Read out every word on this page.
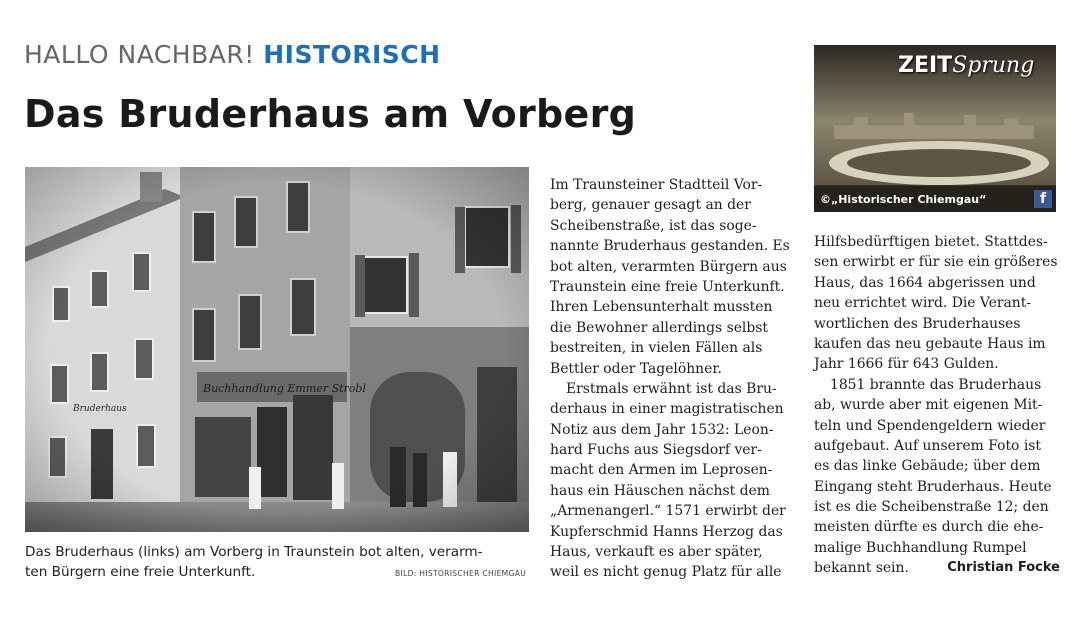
HALLO NACHBAR! HISTORISCH
Das Bruderhaus am Vorberg
Buchhandlung Emmer Strobl
Bruderhaus
Das Bruderhaus (links) am Vorberg in Traunstein bot alten, verarm-
ten Bürgern eine freie Unterkunft.	BILD: HISTORISCHER CHIEMGAU
ZEITSprung
©„Historischer Chiemgau“	f
Im Traunsteiner Stadtteil Vor-
berg, genauer gesagt an der
Scheibenstraße, ist das soge-
nannte Bruderhaus gestanden. Es
bot alten, verarmten Bürgern aus
Traunstein eine freie Unterkunft.
Ihren Lebensunterhalt mussten
die Bewohner allerdings selbst
bestreiten, in vielen Fällen als
Bettler oder Tagelöhner.
Erstmals erwähnt ist das Bru-
derhaus in einer magistratischen
Notiz aus dem Jahr 1532: Leon-
hard Fuchs aus Siegsdorf ver-
macht den Armen im Leprosen-
haus ein Häuschen nächst dem
„Armenangerl.“ 1571 erwirbt der
Kupferschmid Hanns Herzog das
Haus, verkauft es aber später,
weil es nicht genug Platz für alle
Hilfsbedürftigen bietet. Stattdes-
sen erwirbt er für sie ein größeres
Haus, das 1664 abgerissen und
neu errichtet wird. Die Verant-
wortlichen des Bruderhauses
kaufen das neu gebaute Haus im
Jahr 1666 für 643 Gulden.
1851 brannte das Bruderhaus
ab, wurde aber mit eigenen Mit-
teln und Spendengeldern wieder
aufgebaut. Auf unserem Foto ist
es das linke Gebäude; über dem
Eingang steht Bruderhaus. Heute
ist es die Scheibenstraße 12; den
meisten dürfte es durch die ehe-
malige Buchhandlung Rumpel
bekannt sein.	Christian Focke
